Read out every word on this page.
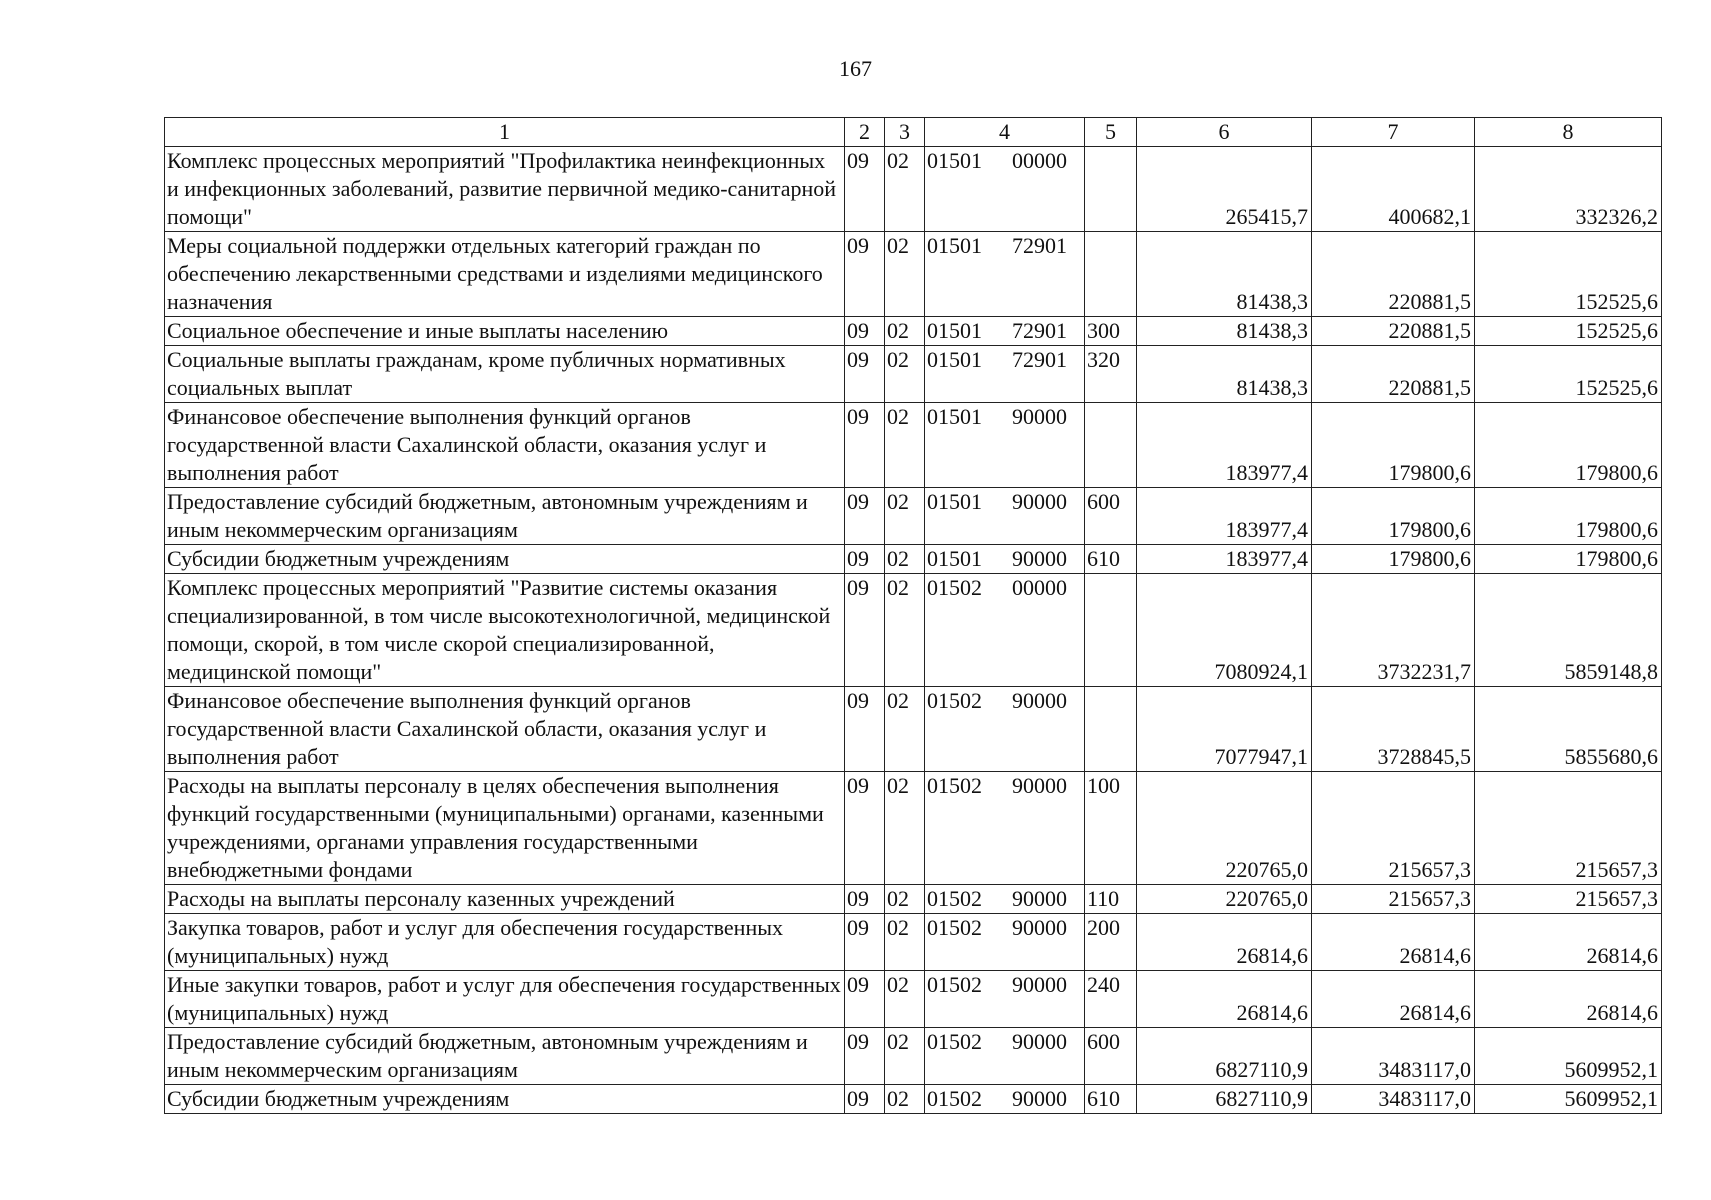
167
1	2	3	4	5	6	7	8
Комплекс процессных мероприятий "Профилактика неинфекционных и инфекционных заболеваний, развитие первичной медико-санитарной помощи"	09	02	01501 00000		265415,7	400682,1	332326,2
Меры социальной поддержки отдельных категорий граждан по обеспечению лекарственными средствами и изделиями медицинского назначения	09	02	01501 72901		81438,3	220881,5	152525,6
Социальное обеспечение и иные выплаты населению	09	02	01501 72901	300	81438,3	220881,5	152525,6
Социальные выплаты гражданам, кроме публичных нормативных социальных выплат	09	02	01501 72901	320	81438,3	220881,5	152525,6
Финансовое обеспечение выполнения функций органов государственной власти Сахалинской области, оказания услуг и выполнения работ	09	02	01501 90000		183977,4	179800,6	179800,6
Предоставление субсидий бюджетным, автономным учреждениям и иным некоммерческим организациям	09	02	01501 90000	600	183977,4	179800,6	179800,6
Субсидии бюджетным учреждениям	09	02	01501 90000	610	183977,4	179800,6	179800,6
Комплекс процессных мероприятий "Развитие системы оказания специализированной, в том числе высокотехнологичной, медицинской помощи, скорой, в том числе скорой специализированной, медицинской помощи"	09	02	01502 00000		7080924,1	3732231,7	5859148,8
Финансовое обеспечение выполнения функций органов государственной власти Сахалинской области, оказания услуг и выполнения работ	09	02	01502 90000		7077947,1	3728845,5	5855680,6
Расходы на выплаты персоналу в целях обеспечения выполнения функций государственными (муниципальными) органами, казенными учреждениями, органами управления государственными внебюджетными фондами	09	02	01502 90000	100	220765,0	215657,3	215657,3
Расходы на выплаты персоналу казенных учреждений	09	02	01502 90000	110	220765,0	215657,3	215657,3
Закупка товаров, работ и услуг для обеспечения государственных (муниципальных) нужд	09	02	01502 90000	200	26814,6	26814,6	26814,6
Иные закупки товаров, работ и услуг для обеспечения государственных (муниципальных) нужд	09	02	01502 90000	240	26814,6	26814,6	26814,6
Предоставление субсидий бюджетным, автономным учреждениям и иным некоммерческим организациям	09	02	01502 90000	600	6827110,9	3483117,0	5609952,1
Субсидии бюджетным учреждениям	09	02	01502 90000	610	6827110,9	3483117,0	5609952,1
